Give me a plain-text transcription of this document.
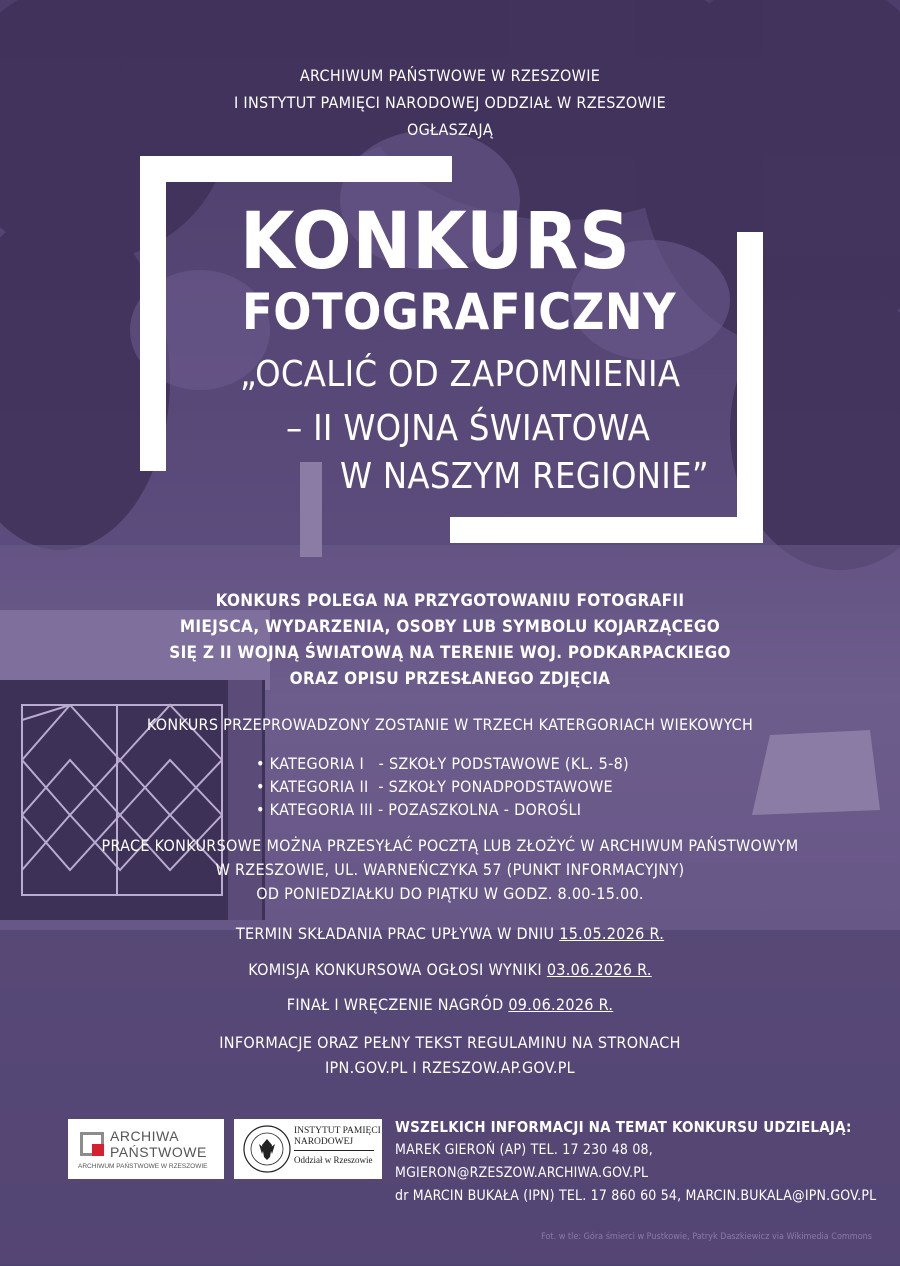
ARCHIWUM PAŃSTWOWE W RZESZOWIE
I INSTYTUT PAMIĘCI NARODOWEJ ODDZIAŁ W RZESZOWIE
OGŁASZAJĄ
KONKURS
FOTOGRAFICZNY
„OCALIĆ OD ZAPOMNIENIA
– II WOJNA ŚWIATOWA
W NASZYM REGIONIE”
KONKURS POLEGA NA PRZYGOTOWANIU FOTOGRAFII
MIEJSCA, WYDARZENIA, OSOBY LUB SYMBOLU KOJARZĄCEGO
SIĘ Z II WOJNĄ ŚWIATOWĄ NA TERENIE WOJ. PODKARPACKIEGO
ORAZ OPISU PRZESŁANEGO ZDJĘCIA
KONKURS PRZEPROWADZONY ZOSTANIE W TRZECH KATERGORIACH WIEKOWYCH
• KATEGORIA I   - SZKOŁY PODSTAWOWE (KL. 5-8)
• KATEGORIA II  - SZKOŁY PONADPODSTAWOWE
• KATEGORIA III - POZASZKOLNA - DOROŚLI
PRACE KONKURSOWE MOŻNA PRZESYŁAĆ POCZTĄ LUB ZŁOŻYĆ W ARCHIWUM PAŃSTWOWYM
W RZESZOWIE, UL. WARNEŃCZYKA 57 (PUNKT INFORMACYJNY)
OD PONIEDZIAŁKU DO PIĄTKU W GODZ. 8.00-15.00.
TERMIN SKŁADANIA PRAC UPŁYWA W DNIU 15.05.2026 R.
KOMISJA KONKURSOWA OGŁOSI WYNIKI 03.06.2026 R.
FINAŁ I WRĘCZENIE NAGRÓD 09.06.2026 R.
INFORMACJE ORAZ PEŁNY TEKST REGULAMINU NA STRONACH
IPN.GOV.PL I RZESZOW.AP.GOV.PL
ARCHIWA
PAŃSTWOWE
ARCHIWUM PAŃSTWOWE W RZESZOWIE
INSTYTUT PAMIĘCI
NARODOWEJ
Oddział w Rzeszowie
WSZELKICH INFORMACJI NA TEMAT KONKURSU UDZIELAJĄ:
MAREK GIEROŃ (AP) TEL. 17 230 48 08, MGIERON@RZESZOW.ARCHIWA.GOV.PL
dr MARCIN BUKAŁA (IPN) TEL. 17 860 60 54, MARCIN.BUKALA@IPN.GOV.PL
Fot. w tle: Góra śmierci w Pustkowie, Patryk Daszkiewicz via Wikimedia Commons
